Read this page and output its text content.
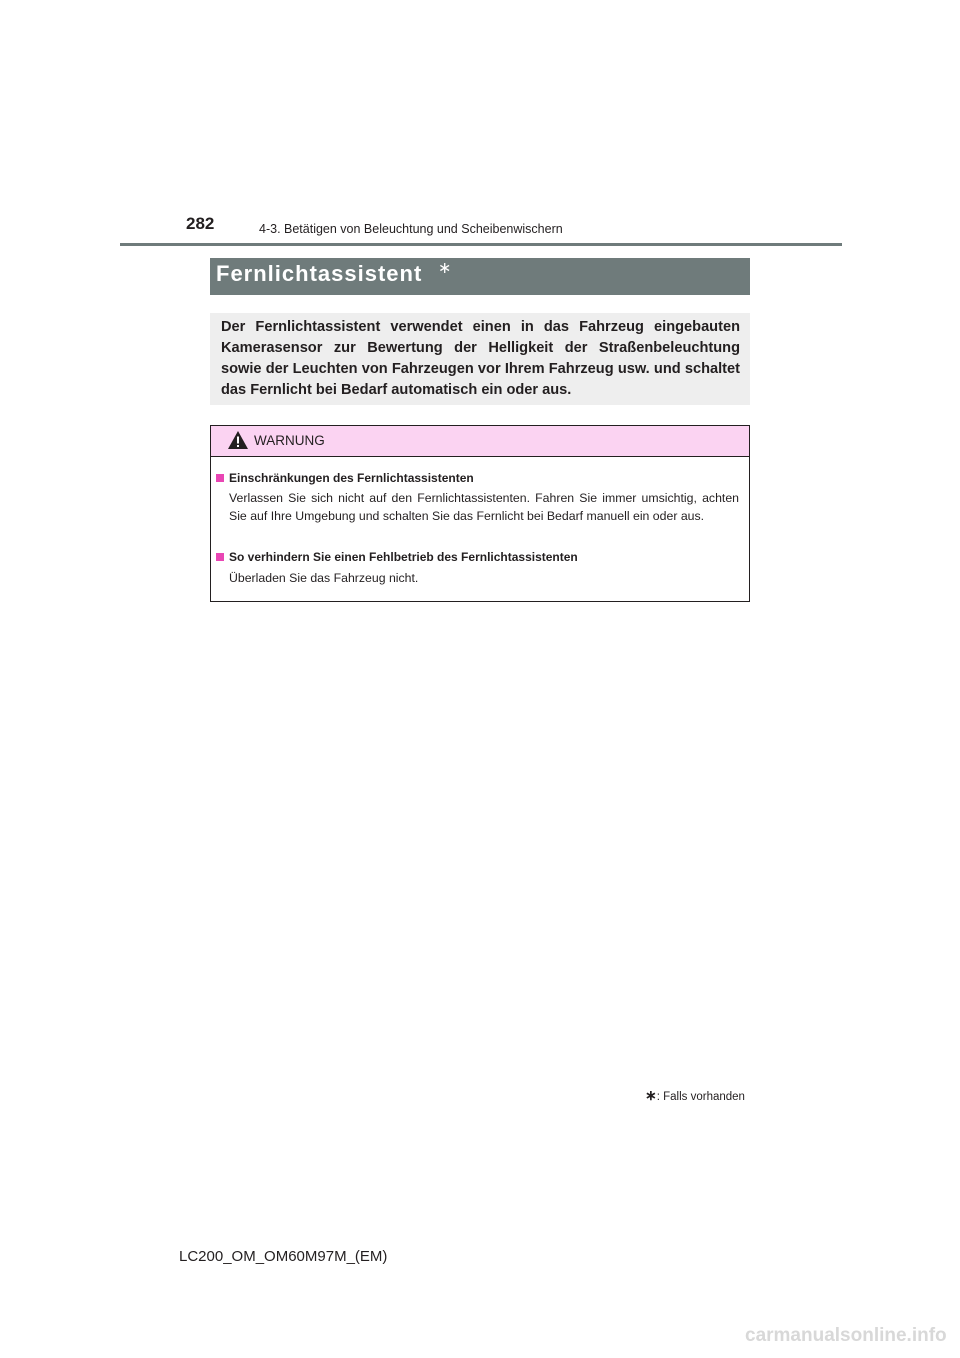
282	4-3. Betätigen von Beleuchtung und Scheibenwischern
Fernlichtassistent ∗

Der Fernlichtassistent verwendet einen in das Fahrzeug eingebauten Kamerasensor zur Bewertung der Helligkeit der Straßenbeleuchtung sowie der Leuchten von Fahrzeugen vor Ihrem Fahrzeug usw. und schaltet das Fernlicht bei Bedarf automatisch ein oder aus.

WARNUNG
Einschränkungen des Fernlichtassistenten

Verlassen Sie sich nicht auf den Fernlichtassistenten. Fahren Sie immer umsichtig, achten Sie auf Ihre Umgebung und schalten Sie das Fernlicht bei Bedarf manuell ein oder aus.

So verhindern Sie einen Fehlbetrieb des Fernlichtassistenten

Überladen Sie das Fahrzeug nicht.

∗: Falls vorhanden
LC200_OM_OM60M97M_(EM)
carmanualsonline.info
